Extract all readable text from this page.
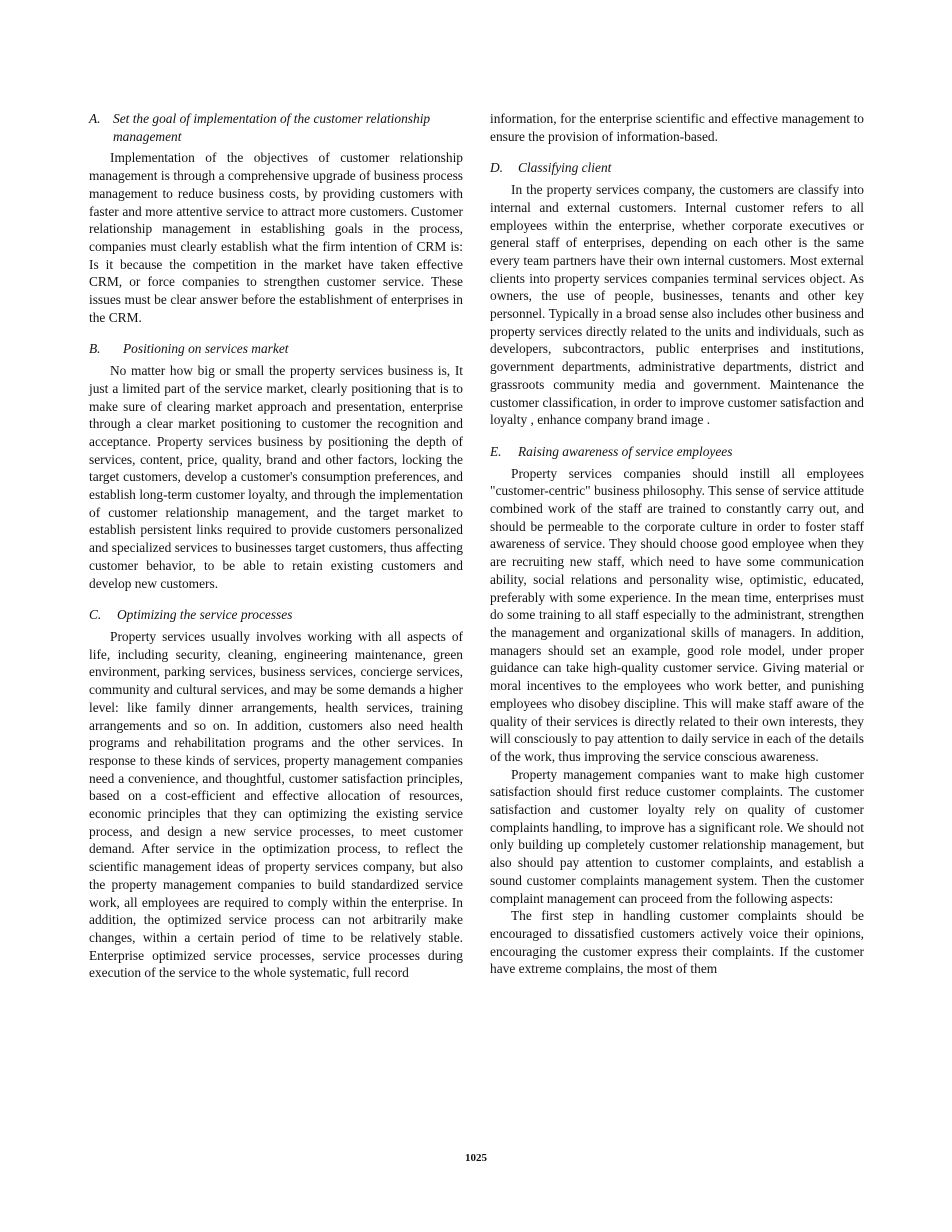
A. Set the goal of implementation of the customer relationship management

Implementation of the objectives of customer relationship management is through a comprehensive upgrade of business process management to reduce business costs, by providing customers with faster and more attentive service to attract more customers. Customer relationship management in establishing goals in the process, companies must clearly establish what the firm intention of CRM is: Is it because the competition in the market have taken effective CRM, or force companies to strengthen customer service. These issues must be clear answer before the establishment of enterprises in the CRM.

B.	Positioning on services market

No matter how big or small the property services business is, It just a limited part of the service market, clearly positioning that is to make sure of clearing market approach and presentation, enterprise through a clear market positioning to customer the recognition and acceptance. Property services business by positioning the depth of services, content, price, quality, brand and other factors, locking the target customers, develop a customer's consumption preferences, and establish long-term customer loyalty, and through the implementation of customer relationship management, and the target market to establish persistent links required to provide customers personalized and specialized services to businesses target customers, thus affecting customer behavior, to be able to retain existing customers and develop new customers.

C.	Optimizing the service processes

Property services usually involves working with all aspects of life, including security, cleaning, engineering maintenance, green environment, parking services, business services, concierge services, community and cultural services, and may be some demands a higher level: like family dinner arrangements, health services, training arrangements and so on. In addition, customers also need health programs and rehabilitation programs and the other services. In response to these kinds of services, property management companies need a convenience, and thoughtful, customer satisfaction principles, based on a cost-efficient and effective allocation of resources, economic principles that they can optimizing the existing service process, and design a new service processes, to meet customer demand. After service in the optimization process, to reflect the scientific management ideas of property services company, but also the property management companies to build standardized service work, all employees are required to comply within the enterprise. In addition, the optimized service process can not arbitrarily make changes, within a certain period of time to be relatively stable. Enterprise optimized service processes, service processes during execution of the service to the whole systematic, full record

information, for the enterprise scientific and effective management to ensure the provision of information-based.

D.	Classifying client

In the property services company, the customers are classify into internal and external customers. Internal customer refers to all employees within the enterprise, whether corporate executives or general staff of enterprises, depending on each other is the same every team partners have their own internal customers. Most external clients into property services companies terminal services object. As owners, the use of people, businesses, tenants and other key personnel. Typically in a broad sense also includes other business and property services directly related to the units and individuals, such as developers, subcontractors, public enterprises and institutions, government departments, administrative departments, district and grassroots community media and government. Maintenance the customer classification, in order to improve customer satisfaction and loyalty , enhance company brand image .

E.	Raising awareness of service employees

Property services companies should instill all employees "customer-centric" business philosophy. This sense of service attitude combined work of the staff are trained to constantly carry out, and should be permeable to the corporate culture in order to foster staff awareness of service. They should choose good employee when they are recruiting new staff, which need to have some communication ability, social relations and personality wise, optimistic, educated, preferably with some experience. In the mean time, enterprises must do some training to all staff especially to the administrant, strengthen the management and organizational skills of managers. In addition, managers should set an example, good role model, under proper guidance can take high-quality customer service. Giving material or moral incentives to the employees who work better, and punishing employees who disobey discipline. This will make staff aware of the quality of their services is directly related to their own interests, they will consciously to pay attention to daily service in each of the details of the work, thus improving the service conscious awareness.

Property management companies want to make high customer satisfaction should first reduce customer complaints. The customer satisfaction and customer loyalty rely on quality of customer complaints handling, to improve has a significant role. We should not only building up completely customer relationship management, but also should pay attention to customer complaints, and establish a sound customer complaints management system. Then the customer complaint management can proceed from the following aspects:

The first step in handling customer complaints should be encouraged to dissatisfied customers actively voice their opinions, encouraging the customer express their complaints. If the customer have extreme complains, the most of them

1025
